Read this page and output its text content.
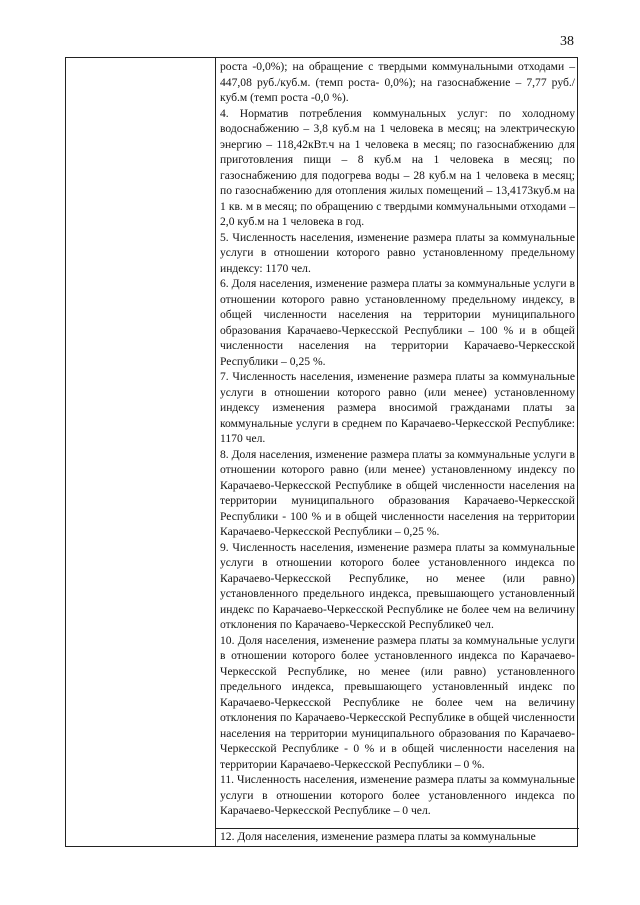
38

роста -0,0%); на обращение с твердыми коммунальными отходами – 447,08 руб./куб.м. (темп роста- 0,0%); на газоснабжение – 7,77 руб./куб.м (темп роста -0,0 %).

4. Норматив потребления коммунальных услуг: по холодному водоснабжению – 3,8 куб.м на 1 человека в месяц; на электрическую энергию – 118,42кВт.ч на 1 человека в месяц; по газоснабжению для приготовления пищи – 8 куб.м на 1 человека в месяц; по газоснабжению для подогрева воды – 28 куб.м на 1 человека в месяц; по газоснабжению для отопления жилых помещений – 13,4173куб.м на 1 кв. м в месяц; по обращению с твердыми коммунальными отходами – 2,0 куб.м на 1 человека в год.

5. Численность населения, изменение размера платы за коммунальные услуги в отношении которого равно установленному предельному индексу: 1170 чел.

6. Доля населения, изменение размера платы за коммунальные услуги в отношении которого равно установленному предельному индексу, в общей численности населения на территории муниципального образования Карачаево-Черкесской Республики – 100 % и в общей численности населения на территории Карачаево-Черкесской Республики – 0,25 %.

7. Численность населения, изменение размера платы за коммунальные услуги в отношении которого равно (или менее) установленному индексу изменения размера вносимой гражданами платы за коммунальные услуги в среднем по Карачаево-Черкесской Республике: 1170 чел.

8. Доля населения, изменение размера платы за коммунальные услуги в отношении которого равно (или менее) установленному индексу по Карачаево-Черкесской Республике в общей численности населения на территории муниципального образования Карачаево-Черкесской Республики - 100 % и в общей численности населения на территории Карачаево-Черкесской Республики – 0,25 %.

9. Численность населения, изменение размера платы за коммунальные услуги в отношении которого более установленного индекса по Карачаево-Черкесской Республике, но менее (или равно) установленного предельного индекса, превышающего установленный индекс по Карачаево-Черкесской Республике не более чем на величину отклонения по Карачаево-Черкесской Республике0 чел.

10. Доля населения, изменение размера платы за коммунальные услуги в отношении которого более установленного индекса по Карачаево-Черкесской Республике, но менее (или равно) установленного предельного индекса, превышающего установленный индекс по Карачаево-Черкесской Республике не более чем на величину отклонения по Карачаево-Черкесской Республике в общей численности населения на территории муниципального образования по Карачаево-Черкесской Республике - 0 % и в общей численности населения на территории Карачаево-Черкесской Республики – 0 %.

11. Численность населения, изменение размера платы за коммунальные услуги в отношении которого более установленного индекса по Карачаево-Черкесской Республике – 0 чел.

12. Доля населения, изменение размера платы за коммунальные
